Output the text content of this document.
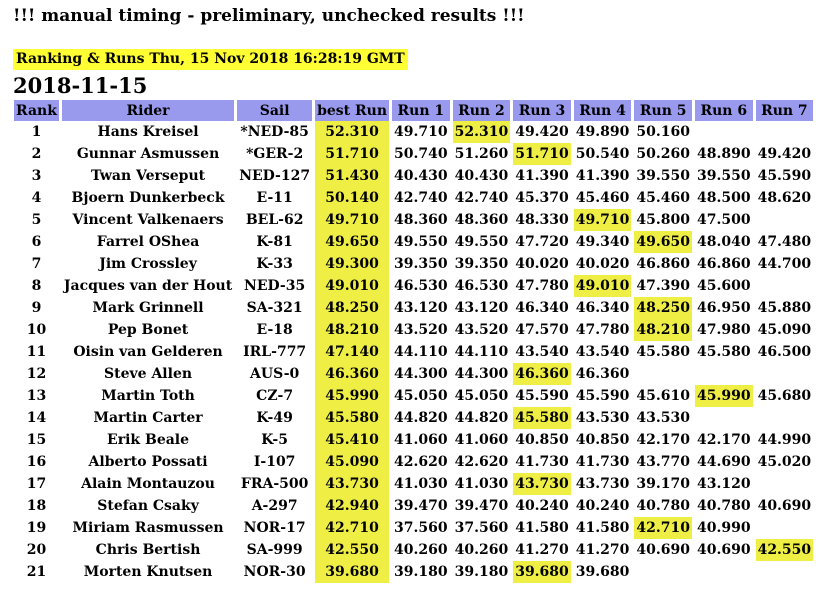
!!! manual timing - preliminary, unchecked results !!!
Ranking & Runs Thu, 15 Nov 2018 16:28:19 GMT
2018-11-15
Rank	Rider	Sail	best Run	Run 1	Run 2	Run 3	Run 4	Run 5	Run 6	Run 7
1	Hans Kreisel	*NED-85	52.310	49.710	52.310	49.420	49.890	50.160		
2	Gunnar Asmussen	*GER-2	51.710	50.740	51.260	51.710	50.540	50.260	48.890	49.420
3	Twan Verseput	NED-127	51.430	40.430	40.430	41.390	41.390	39.550	39.550	45.590
4	Bjoern Dunkerbeck	E-11	50.140	42.740	42.740	45.370	45.460	45.460	48.500	48.620
5	Vincent Valkenaers	BEL-62	49.710	48.360	48.360	48.330	49.710	45.800	47.500	
6	Farrel OShea	K-81	49.650	49.550	49.550	47.720	49.340	49.650	48.040	47.480
7	Jim Crossley	K-33	49.300	39.350	39.350	40.020	40.020	46.860	46.860	44.700
8	Jacques van der Hout	NED-35	49.010	46.530	46.530	47.780	49.010	47.390	45.600	
9	Mark Grinnell	SA-321	48.250	43.120	43.120	46.340	46.340	48.250	46.950	45.880
10	Pep Bonet	E-18	48.210	43.520	43.520	47.570	47.780	48.210	47.980	45.090
11	Oisin van Gelderen	IRL-777	47.140	44.110	44.110	43.540	43.540	45.580	45.580	46.500
12	Steve Allen	AUS-0	46.360	44.300	44.300	46.360	46.360			
13	Martin Toth	CZ-7	45.990	45.050	45.050	45.590	45.590	45.610	45.990	45.680
14	Martin Carter	K-49	45.580	44.820	44.820	45.580	43.530	43.530		
15	Erik Beale	K-5	45.410	41.060	41.060	40.850	40.850	42.170	42.170	44.990
16	Alberto Possati	I-107	45.090	42.620	42.620	41.730	41.730	43.770	44.690	45.020
17	Alain Montauzou	FRA-500	43.730	41.030	41.030	43.730	43.730	39.170	43.120	
18	Stefan Csaky	A-297	42.940	39.470	39.470	40.240	40.240	40.780	40.780	40.690
19	Miriam Rasmussen	NOR-17	42.710	37.560	37.560	41.580	41.580	42.710	40.990	
20	Chris Bertish	SA-999	42.550	40.260	40.260	41.270	41.270	40.690	40.690	42.550
21	Morten Knutsen	NOR-30	39.680	39.180	39.180	39.680	39.680			
